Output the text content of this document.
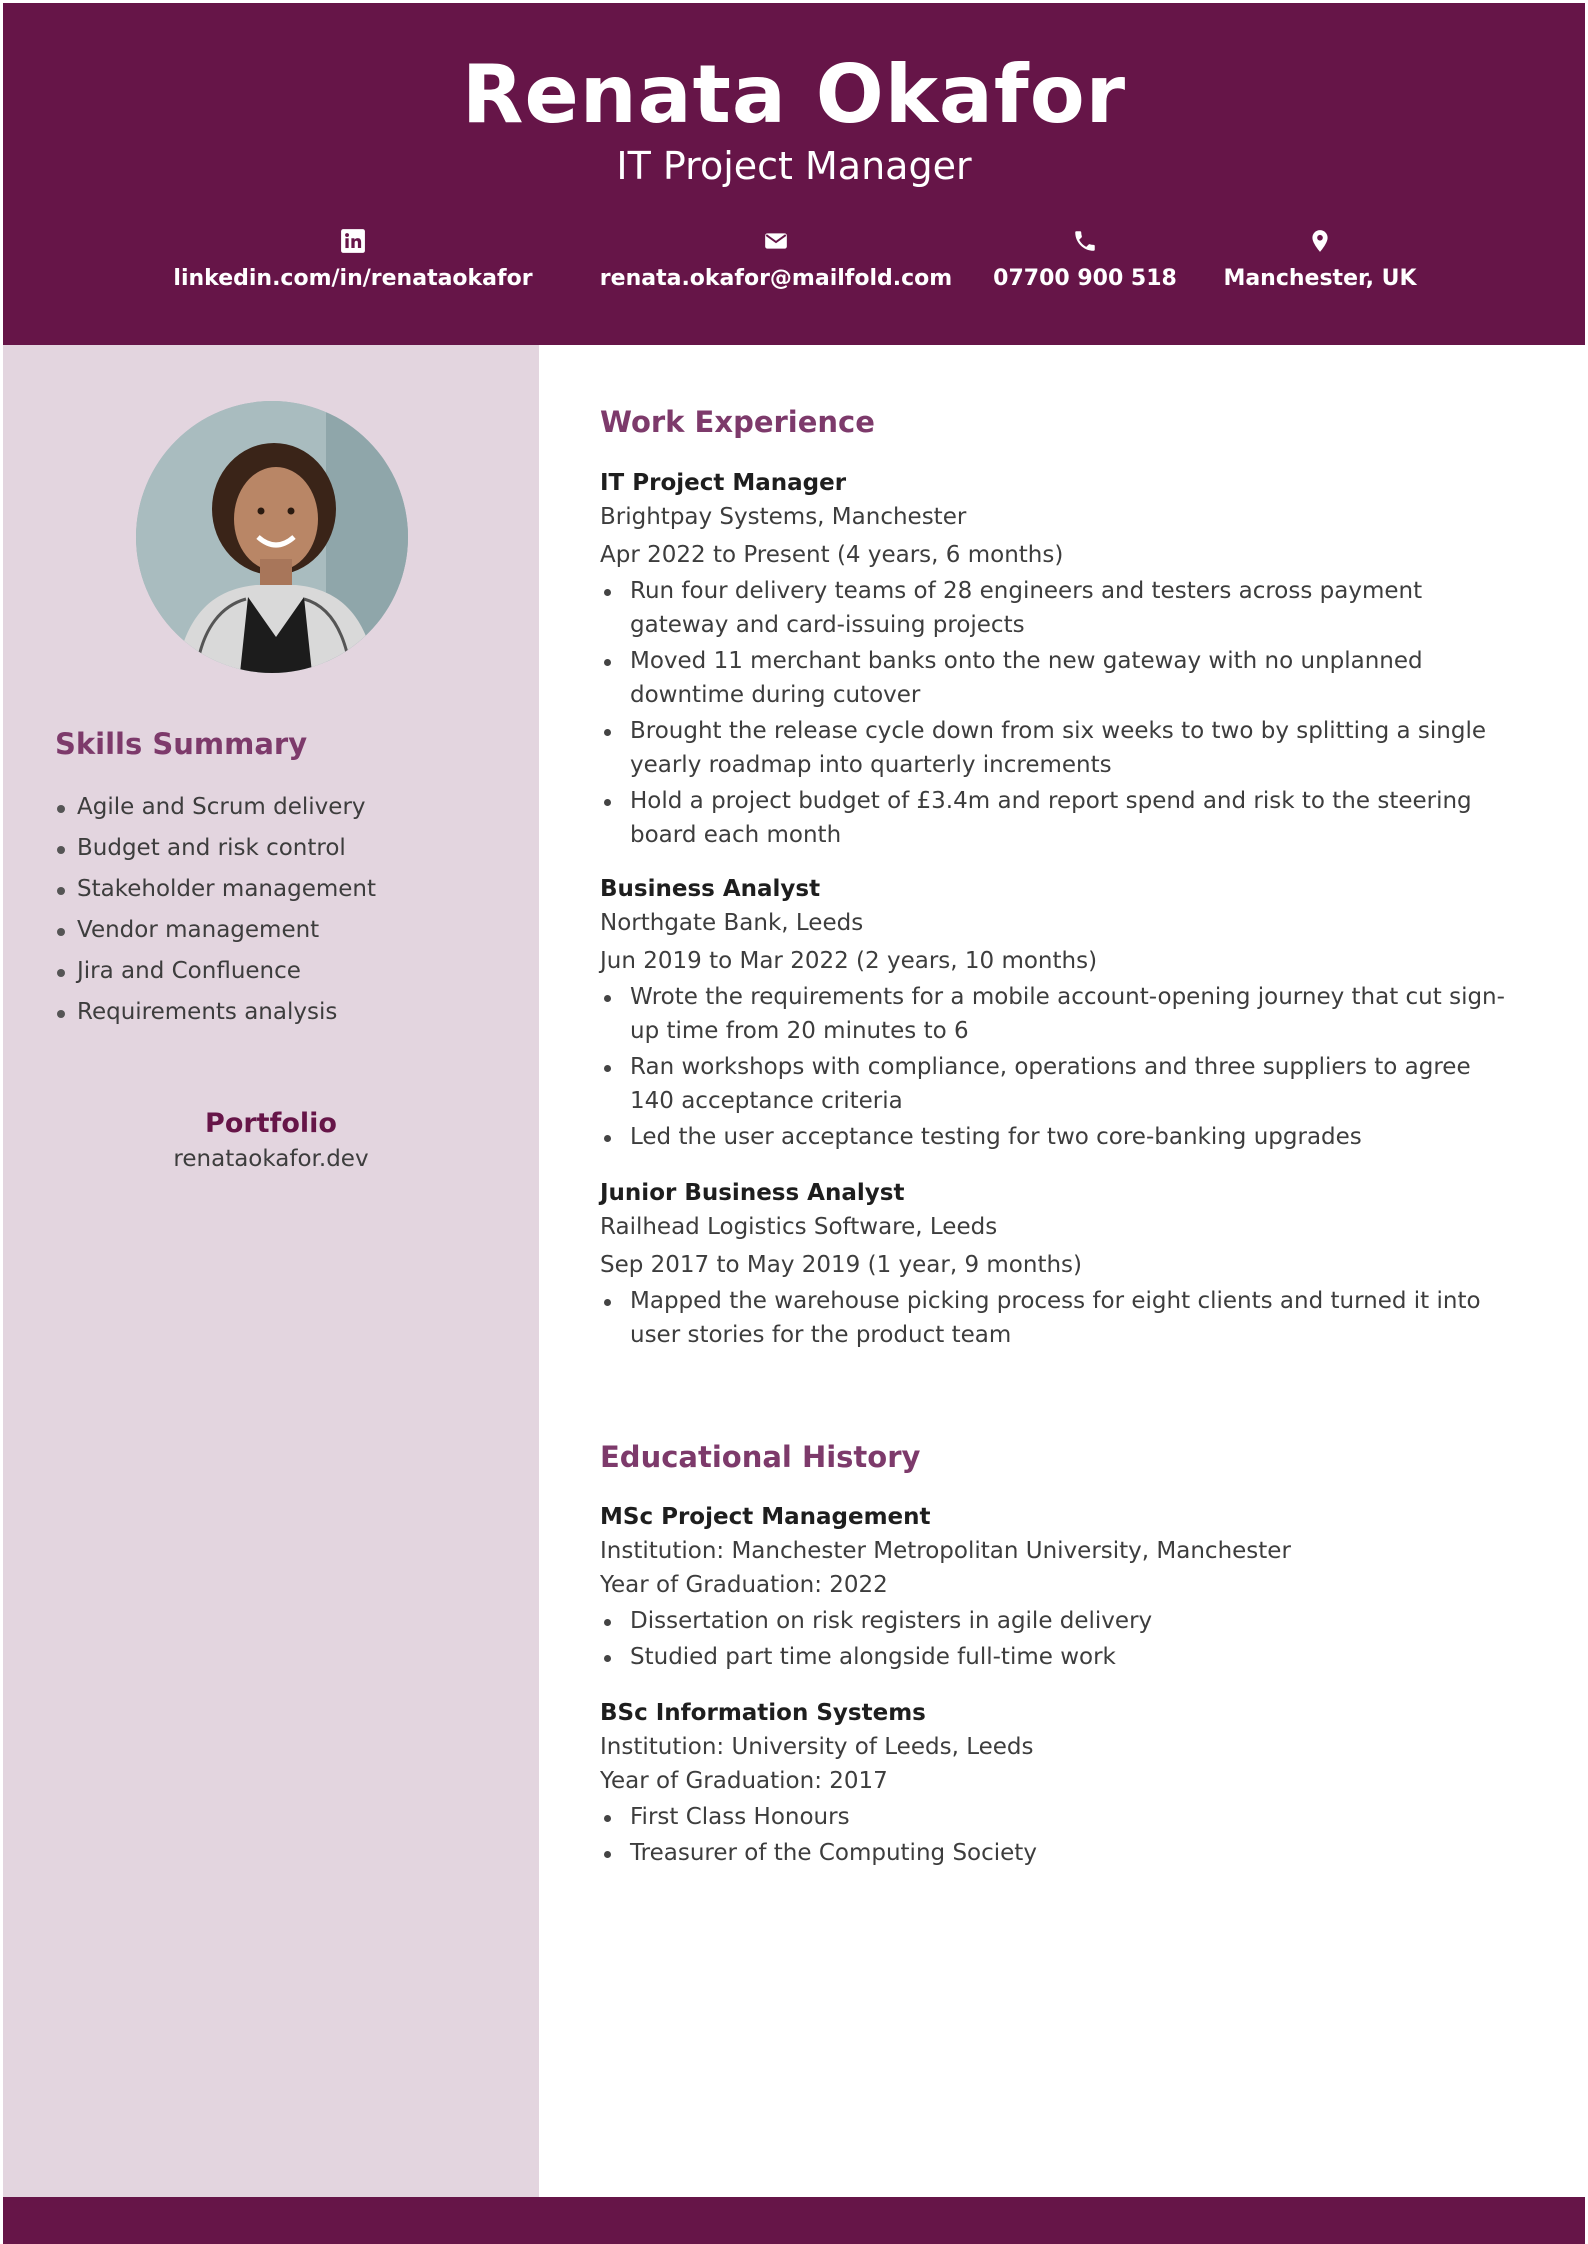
Renata Okafor
IT Project Manager
linkedin.com/in/renataokafor	renata.okafor@mailfold.com	07700 900 518	Manchester, UK
Skills Summary
Agile and Scrum delivery
Budget and risk control
Stakeholder management
Vendor management
Jira and Confluence
Requirements analysis
Portfolio
renataokafor.dev
Work Experience
IT Project Manager
Brightpay Systems, Manchester
Apr 2022 to Present (4 years, 6 months)
Run four delivery teams of 28 engineers and testers across payment gateway and card-issuing projects
Moved 11 merchant banks onto the new gateway with no unplanned downtime during cutover
Brought the release cycle down from six weeks to two by splitting a single yearly roadmap into quarterly increments
Hold a project budget of £3.4m and report spend and risk to the steering board each month
Business Analyst
Northgate Bank, Leeds
Jun 2019 to Mar 2022 (2 years, 10 months)
Wrote the requirements for a mobile account-opening journey that cut sign-up time from 20 minutes to 6
Ran workshops with compliance, operations and three suppliers to agree 140 acceptance criteria
Led the user acceptance testing for two core-banking upgrades
Junior Business Analyst
Railhead Logistics Software, Leeds
Sep 2017 to May 2019 (1 year, 9 months)
Mapped the warehouse picking process for eight clients and turned it into user stories for the product team
Educational History
MSc Project Management
Institution: Manchester Metropolitan University, Manchester
Year of Graduation: 2022
Dissertation on risk registers in agile delivery
Studied part time alongside full-time work
BSc Information Systems
Institution: University of Leeds, Leeds
Year of Graduation: 2017
First Class Honours
Treasurer of the Computing Society
